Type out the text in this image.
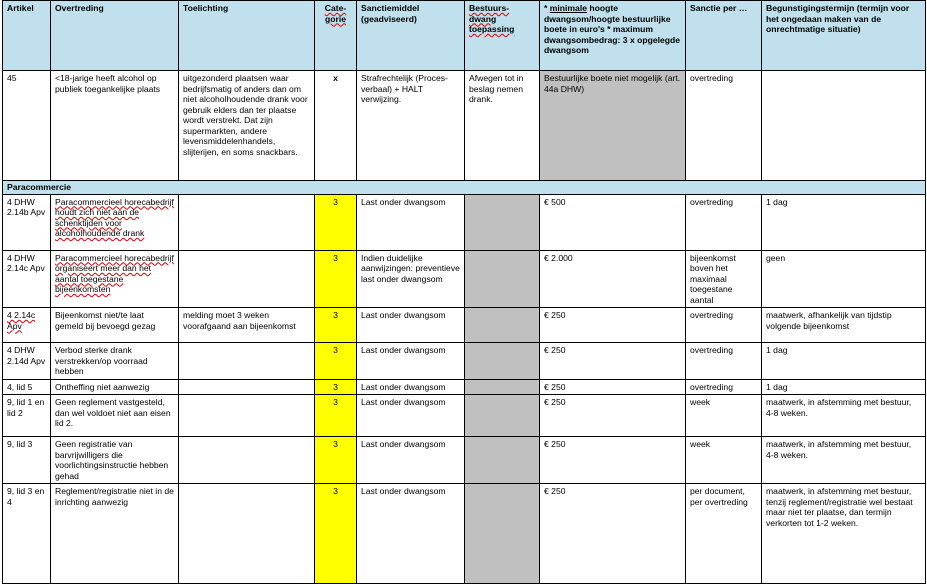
Artikel	Overtreding	Toelichting	Cate-gorie	Sanctiemiddel (geadviseerd)	Bestuurs-dwang toepassing	* minimale hoogte dwangsom/hoogte bestuurlijke boete in euro's * maximum dwangsombedrag: 3 x opgelegde dwangsom	Sanctie per …	Begunstigingstermijn (termijn voor het ongedaan maken van de onrechtmatige situatie)
45	<18-jarige heeft alcohol op publiek toegankelijke plaats	uitgezonderd plaatsen waar bedrijfsmatig of anders dan om niet alcoholhoudende drank voor gebruik elders dan ter plaatse wordt verstrekt. Dat zijn supermarkten, andere levensmiddelenhandels, slijterijen, en soms snackbars.	x	Strafrechtelijk (Proces-verbaal) + HALT verwijzing.	Afwegen tot in beslag nemen drank.	Bestuurlijke boete niet mogelijk (art. 44a DHW)	overtreding	
Paracommercie								
4 DHW 2.14b Apv	Paracommercieel horecabedrijf houdt zich niet aan de schenktijden voor alcoholhoudende drank		3	Last onder dwangsom		€ 500	overtreding	1 dag
4 DHW 2.14c Apv	Paracommercieel horecabedrijf organiseert meer dan het aantal toegestane bijeenkomsten		3	Indien duidelijke aanwijzingen: preventieve last onder dwangsom		€ 2.000	bijeenkomst boven het maximaal toegestane aantal	geen
4 2.14c Apv	Bijeenkomst niet/te laat gemeld bij bevoegd gezag	melding moet 3 weken voorafgaand aan bijeenkomst	3	Last onder dwangsom		€ 250	overtreding	maatwerk, afhankelijk van tijdstip volgende bijeenkomst
4 DHW 2.14d Apv	Verbod sterke drank verstrekken/op voorraad hebben		3	Last onder dwangsom		€ 250	overtreding	1 dag
4, lid 5	Ontheffing niet aanwezig		3	Last onder dwangsom		€ 250	overtreding	1 dag
9, lid 1 en lid 2	Geen reglement vastgesteld, dan wel voldoet niet aan eisen lid 2.		3	Last onder dwangsom		€ 250	week	maatwerk, in afstemming met bestuur, 4-8 weken.
9, lid 3	Geen registratie van barvrijwilligers die voorlichtingsinstructie hebben gehad		3	Last onder dwangsom		€ 250	week	maatwerk, in afstemming met bestuur, 4-8 weken.
9, lid 3 en 4	Reglement/registratie niet in de inrichting aanwezig		3	Last onder dwangsom		€ 250	per document, per overtreding	maatwerk, in afstemming met bestuur, tenzij reglement/registratie wel bestaat maar niet ter plaatse, dan termijn verkorten tot 1-2 weken.
